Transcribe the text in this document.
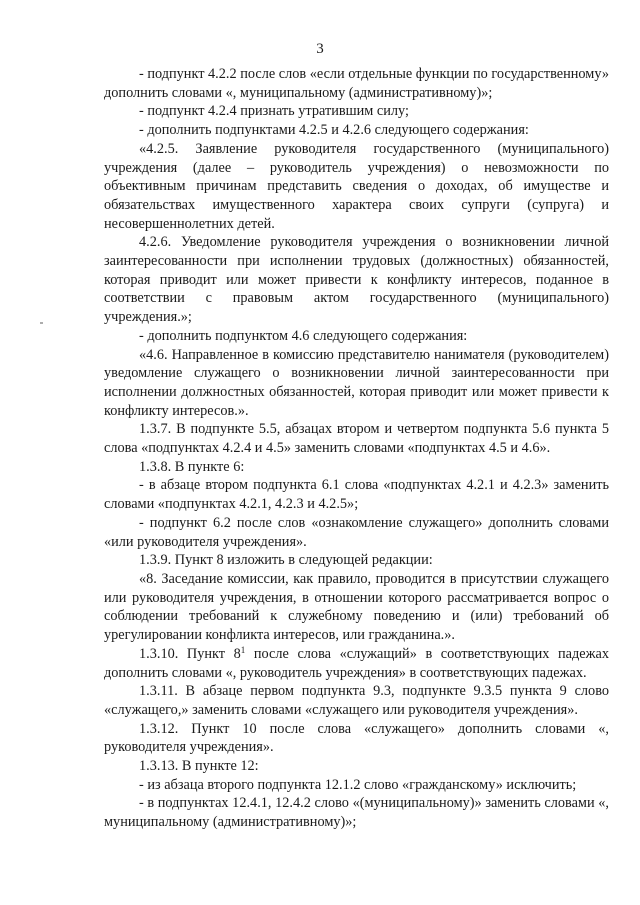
3

- подпункт 4.2.2 после слов «если отдельные функции по государственному» дополнить словами «, муниципальному (административному)»;

- подпункт 4.2.4 признать утратившим силу;

- дополнить подпунктами 4.2.5 и 4.2.6 следующего содержания:

«4.2.5. Заявление руководителя государственного (муниципального) учреждения (далее – руководитель учреждения) о невозможности по объективным причинам представить сведения о доходах, об имуществе и обязательствах имущественного характера своих супруги (супруга) и несовершеннолетних детей.

4.2.6. Уведомление руководителя учреждения о возникновении личной заинтересованности при исполнении трудовых (должностных) обязанностей, которая приводит или может привести к конфликту интересов, поданное в соответствии с правовым актом государственного (муниципального) учреждения.»;

- дополнить подпунктом 4.6 следующего содержания:

«4.6. Направленное в комиссию представителю нанимателя (руководителем) уведомление служащего о возникновении личной заинтересованности при исполнении должностных обязанностей, которая приводит или может привести к конфликту интересов.».

1.3.7. В подпункте 5.5, абзацах втором и четвертом подпункта 5.6 пункта 5 слова «подпунктах 4.2.4 и 4.5» заменить словами «подпунктах 4.5 и 4.6».

1.3.8. В пункте 6:

- в абзаце втором подпункта 6.1 слова «подпунктах 4.2.1 и 4.2.3» заменить словами «подпунктах 4.2.1, 4.2.3 и 4.2.5»;

- подпункт 6.2 после слов «ознакомление служащего» дополнить словами «или руководителя учреждения».

1.3.9. Пункт 8 изложить в следующей редакции:

«8. Заседание комиссии, как правило, проводится в присутствии служащего или руководителя учреждения, в отношении которого рассматривается вопрос о соблюдении требований к служебному поведению и (или) требований об урегулировании конфликта интересов, или гражданина.».

1.3.10. Пункт $8^1$ после слова «служащий» в соответствующих падежах дополнить словами «, руководитель учреждения» в соответствующих падежах.

1.3.11. В абзаце первом подпункта 9.3, подпункте 9.3.5 пункта 9 слово «служащего,» заменить словами «служащего или руководителя учреждения».

1.3.12. Пункт 10 после слова «служащего» дополнить словами «, руководителя учреждения».

1.3.13. В пункте 12:

- из абзаца второго подпункта 12.1.2 слово «гражданскому» исключить;

- в подпунктах 12.4.1, 12.4.2 слово «(муниципальному)» заменить словами «, муниципальному (административному)»;
